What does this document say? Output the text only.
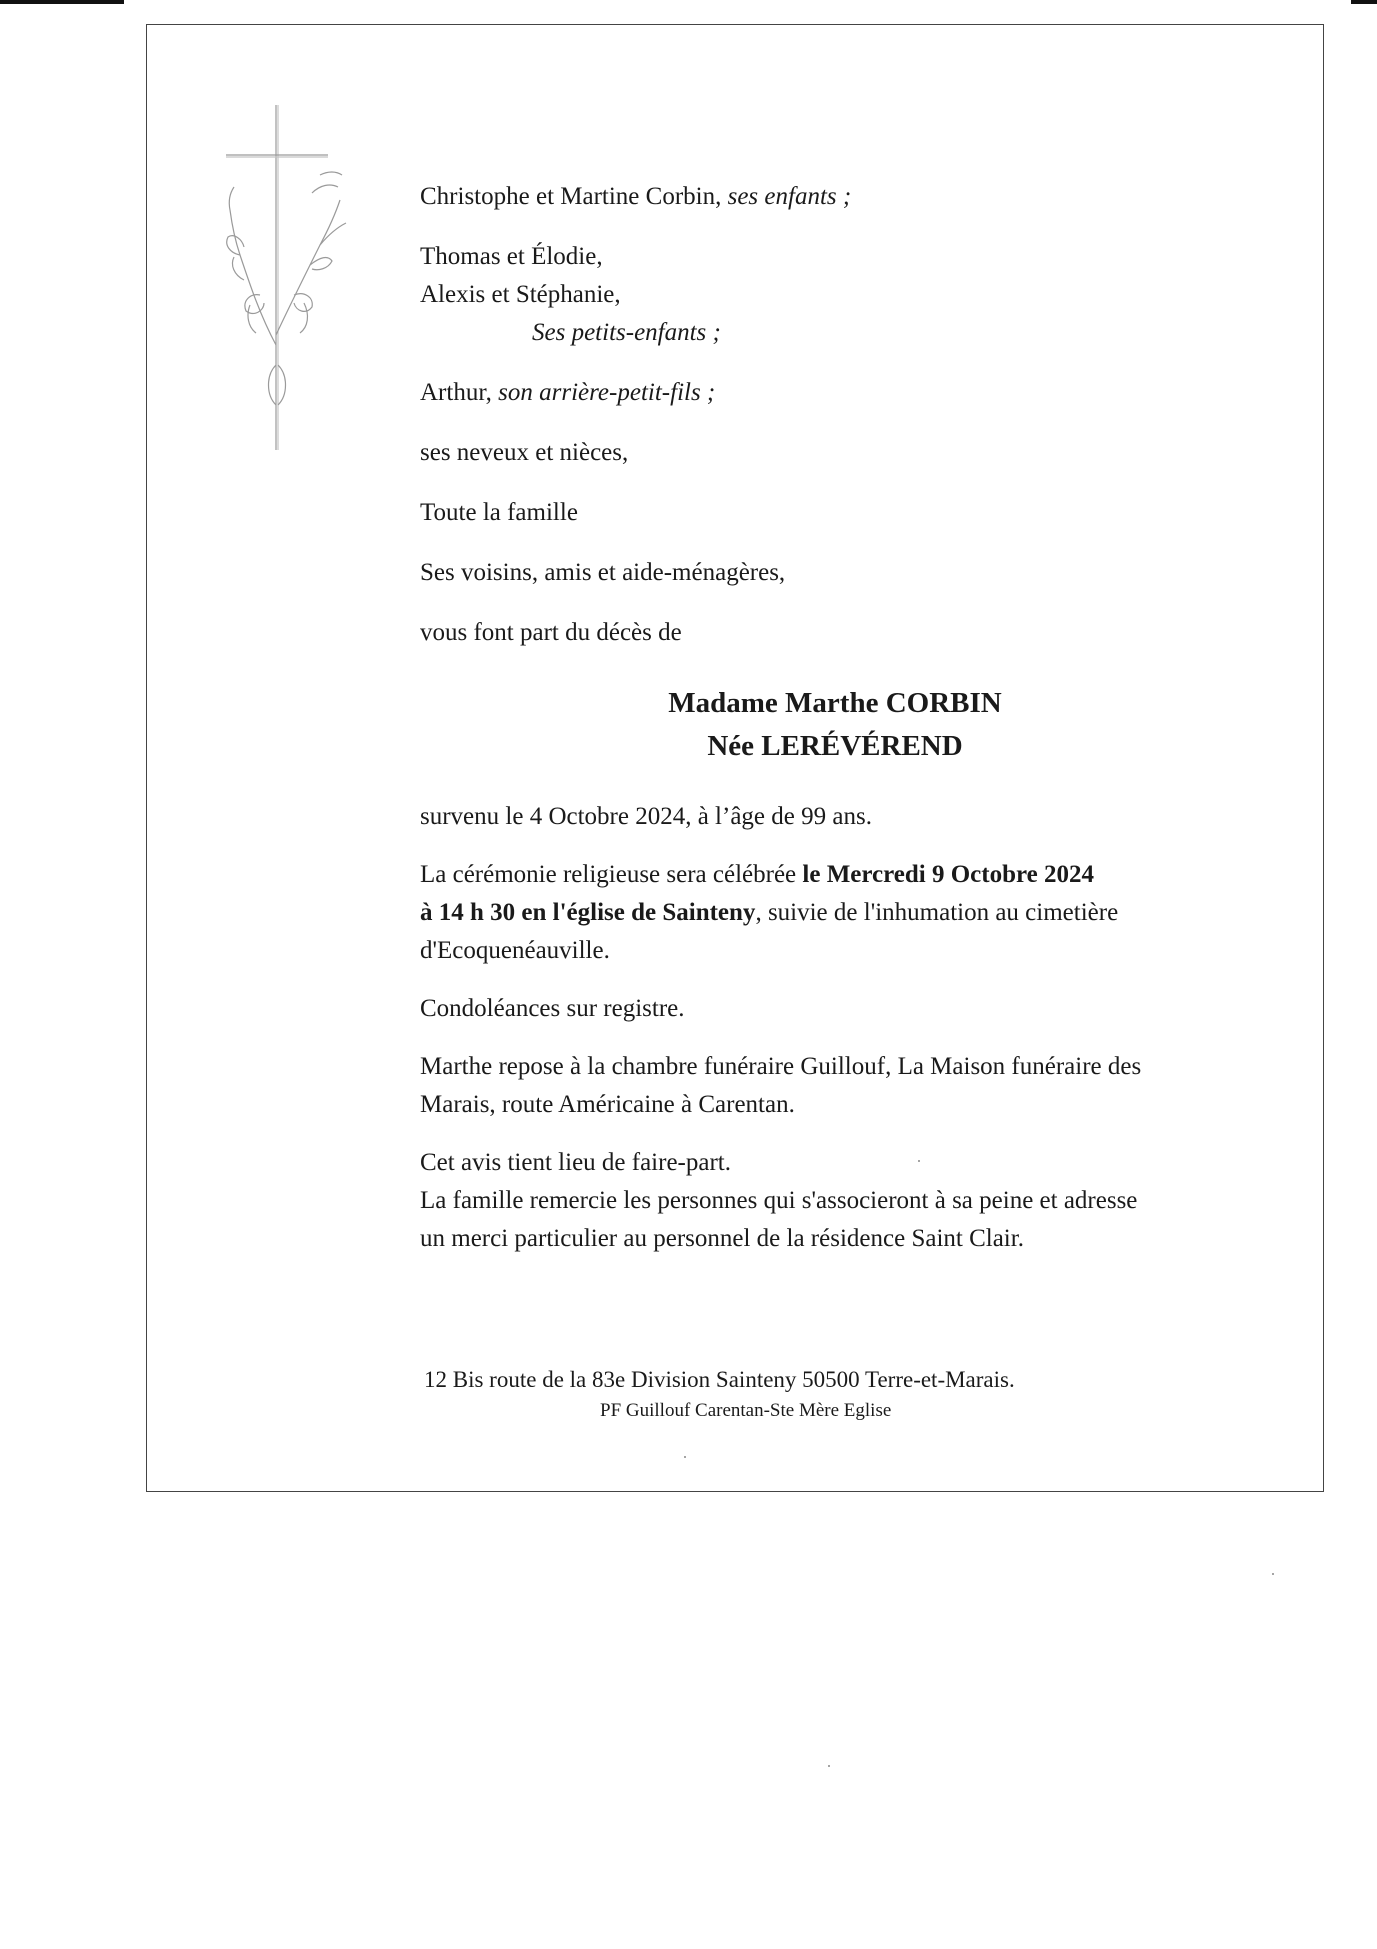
Christophe et Martine Corbin, ses enfants ;
Thomas et Élodie,
Alexis et Stéphanie,
Ses petits-enfants ;
Arthur, son arrière-petit-fils ;
ses neveux et nièces,
Toute la famille
Ses voisins, amis et aide-ménagères,
vous font part du décès de
Madame Marthe CORBIN
Née LERÉVÉREND
survenu le 4 Octobre 2024, à l’âge de 99 ans.
La cérémonie religieuse sera célébrée le Mercredi 9 Octobre 2024
à 14 h 30 en l'église de Sainteny, suivie de l'inhumation au cimetière
d'Ecoquenéauville.
Condoléances sur registre.
Marthe repose à la chambre funéraire Guillouf, La Maison funéraire des
Marais, route Américaine à Carentan.
Cet avis tient lieu de faire-part.
La famille remercie les personnes qui s'associeront à sa peine et adresse
un merci particulier au personnel de la résidence Saint Clair.
12 Bis route de la 83e Division Sainteny 50500 Terre-et-Marais.
PF Guillouf Carentan-Ste Mère Eglise
